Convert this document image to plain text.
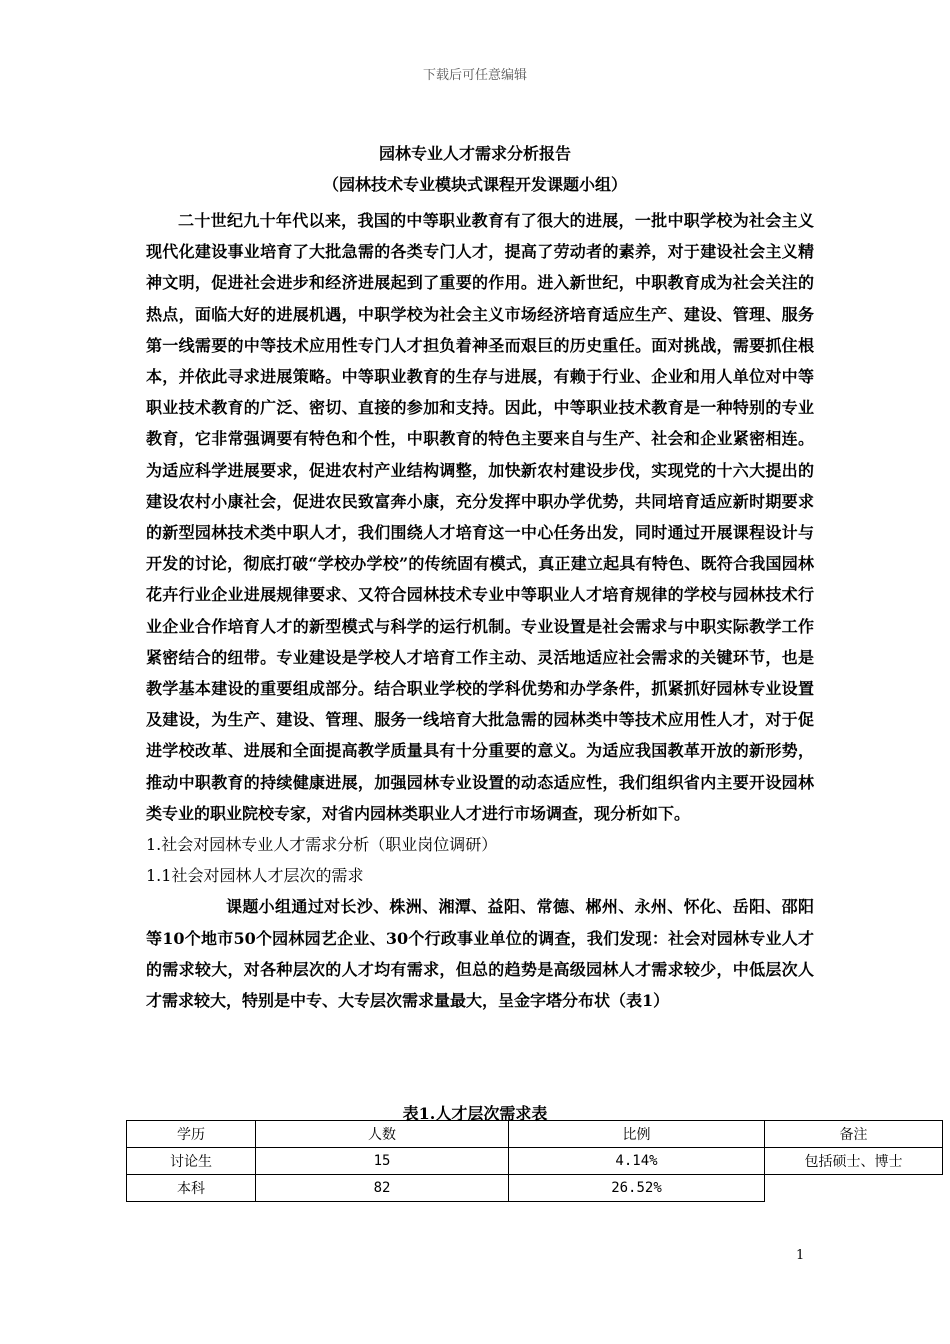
下载后可任意编辑
园林专业人才需求分析报告
（园林技术专业模块式课程开发课题小组）

二十世纪九十年代以来，我国的中等职业教育有了很大的进展，一批中职学校为社会主义现代化建设事业培育了大批急需的各类专门人才，提高了劳动者的素养，对于建设社会主义精神文明，促进社会进步和经济进展起到了重要的作用。进入新世纪，中职教育成为社会关注的热点，面临大好的进展机遇，中职学校为社会主义市场经济培育适应生产、建设、管理、服务第一线需要的中等技术应用性专门人才担负着神圣而艰巨的历史重任。面对挑战，需要抓住根本，并依此寻求进展策略。中等职业教育的生存与进展，有赖于行业、企业和用人单位对中等职业技术教育的广泛、密切、直接的参加和支持。因此，中等职业技术教育是一种特别的专业教育，它非常强调要有特色和个性，中职教育的特色主要来自与生产、社会和企业紧密相连。为适应科学进展要求，促进农村产业结构调整，加快新农村建设步伐，实现党的十六大提出的建设农村小康社会，促进农民致富奔小康，充分发挥中职办学优势，共同培育适应新时期要求的新型园林技术类中职人才，我们围绕人才培育这一中心任务出发，同时通过开展课程设计与开发的讨论，彻底打破“学校办学校”的传统固有模式，真正建立起具有特色、既符合我国园林花卉行业企业进展规律要求、又符合园林技术专业中等职业人才培育规律的学校与园林技术行业企业合作培育人才的新型模式与科学的运行机制。专业设置是社会需求与中职实际教学工作紧密结合的纽带。专业建设是学校人才培育工作主动、灵活地适应社会需求的关键环节，也是教学基本建设的重要组成部分。结合职业学校的学科优势和办学条件，抓紧抓好园林专业设置及建设，为生产、建设、管理、服务一线培育大批急需的园林类中等技术应用性人才，对于促进学校改革、进展和全面提高教学质量具有十分重要的意义。为适应我国教革开放的新形势，推动中职教育的持续健康进展，加强园林专业设置的动态适应性，我们组织省内主要开设园林类专业的职业院校专家，对省内园林类职业人才进行市场调查，现分析如下。

1.社会对园林专业人才需求分析（职业岗位调研）

1.1社会对园林人才层次的需求

课题小组通过对长沙、株洲、湘潭、益阳、常德、郴州、永州、怀化、岳阳、邵阳等10个地市50个园林园艺企业、30个行政事业单位的调查，我们发现：社会对园林专业人才的需求较大，对各种层次的人才均有需求，但总的趋势是高级园林人才需求较少，中低层次人才需求较大，特别是中专、大专层次需求量最大，呈金字塔分布状（表1）

表1.人才层次需求表
学历	人数	比例	备注
讨论生	15	4.14%	包括硕士、博士
本科	82	26.52%	
1
